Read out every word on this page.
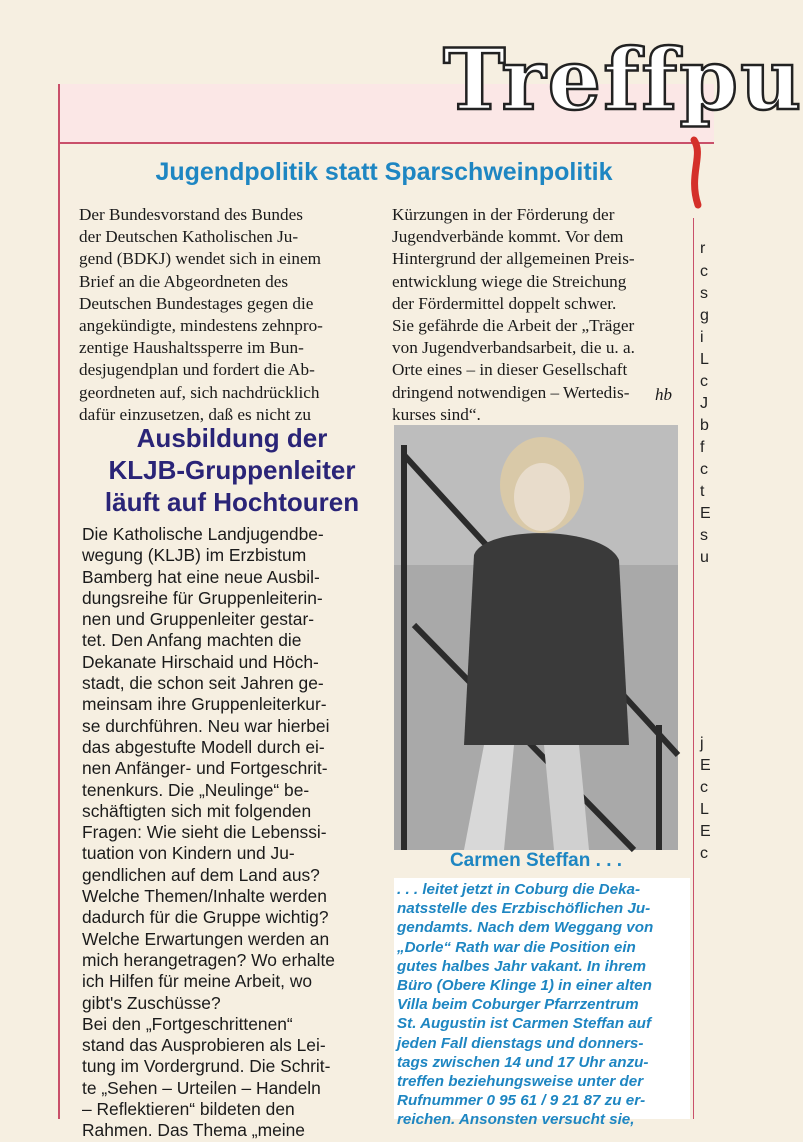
Treffpu
Jugendpolitik statt Sparschweinpolitik
Der Bundesvorstand des Bundes
der Deutschen Katholischen Ju-
gend (BDKJ) wendet sich in einem
Brief an die Abgeordneten des
Deutschen Bundestages gegen die
angekündigte, mindestens zehnpro-
zentige Haushaltssperre im Bun-
desjugendplan und fordert die Ab-
geordneten auf, sich nachdrücklich
dafür einzusetzen, daß es nicht zu
Kürzungen in der Förderung der
Jugendverbände kommt. Vor dem
Hintergrund der allgemeinen Preis-
entwicklung wiege die Streichung
der Fördermittel doppelt schwer.
Sie gefährde die Arbeit der „Träger
von Jugendverbandsarbeit, die u. a.
Orte eines – in dieser Gesellschaft
dringend notwendigen – Wertedis-
kurses sind“.
hb
Ausbildung der
KLJB-Gruppenleiter
läuft auf Hochtouren
Die Katholische Landjugendbe-
wegung (KLJB) im Erzbistum
Bamberg hat eine neue Ausbil-
dungsreihe für Gruppenleiterin-
nen und Gruppenleiter gestar-
tet. Den Anfang machten die
Dekanate Hirschaid und Höch-
stadt, die schon seit Jahren ge-
meinsam ihre Gruppenleiterkur-
se durchführen. Neu war hierbei
das abgestufte Modell durch ei-
nen Anfänger- und Fortgeschrit-
tenenkurs. Die „Neulinge“ be-
schäftigten sich mit folgenden
Fragen: Wie sieht die Lebenssi-
tuation von Kindern und Ju-
gendlichen auf dem Land aus?
Welche Themen/Inhalte werden
dadurch für die Gruppe wichtig?
Welche Erwartungen werden an
mich herangetragen? Wo erhalte
ich Hilfen für meine Arbeit, wo
gibt's Zuschüsse?
Bei den „Fortgeschrittenen“
stand das Ausprobieren als Lei-
tung im Vordergrund. Die Schrit-
te „Sehen – Urteilen – Handeln
– Reflektieren“ bildeten den
Rahmen. Das Thema „meine
Carmen Steffan . . .
. . . leitet jetzt in Coburg die Deka-
natsstelle des Erzbischöflichen Ju-
gendamts. Nach dem Weggang von
„Dorle“ Rath war die Position ein
gutes halbes Jahr vakant. In ihrem
Büro (Obere Klinge 1) in einer alten
Villa beim Coburger Pfarrzentrum
St. Augustin ist Carmen Steffan auf
jeden Fall dienstags und donners-
tags zwischen 14 und 17 Uhr anzu-
treffen beziehungsweise unter der
Rufnummer 0 95 61 / 9 21 87 zu er-
reichen. Ansonsten versucht sie,
r
c
s
g
i
L
c
J
b
f
c
t
E
s
u
j
E
c
L
E
c
